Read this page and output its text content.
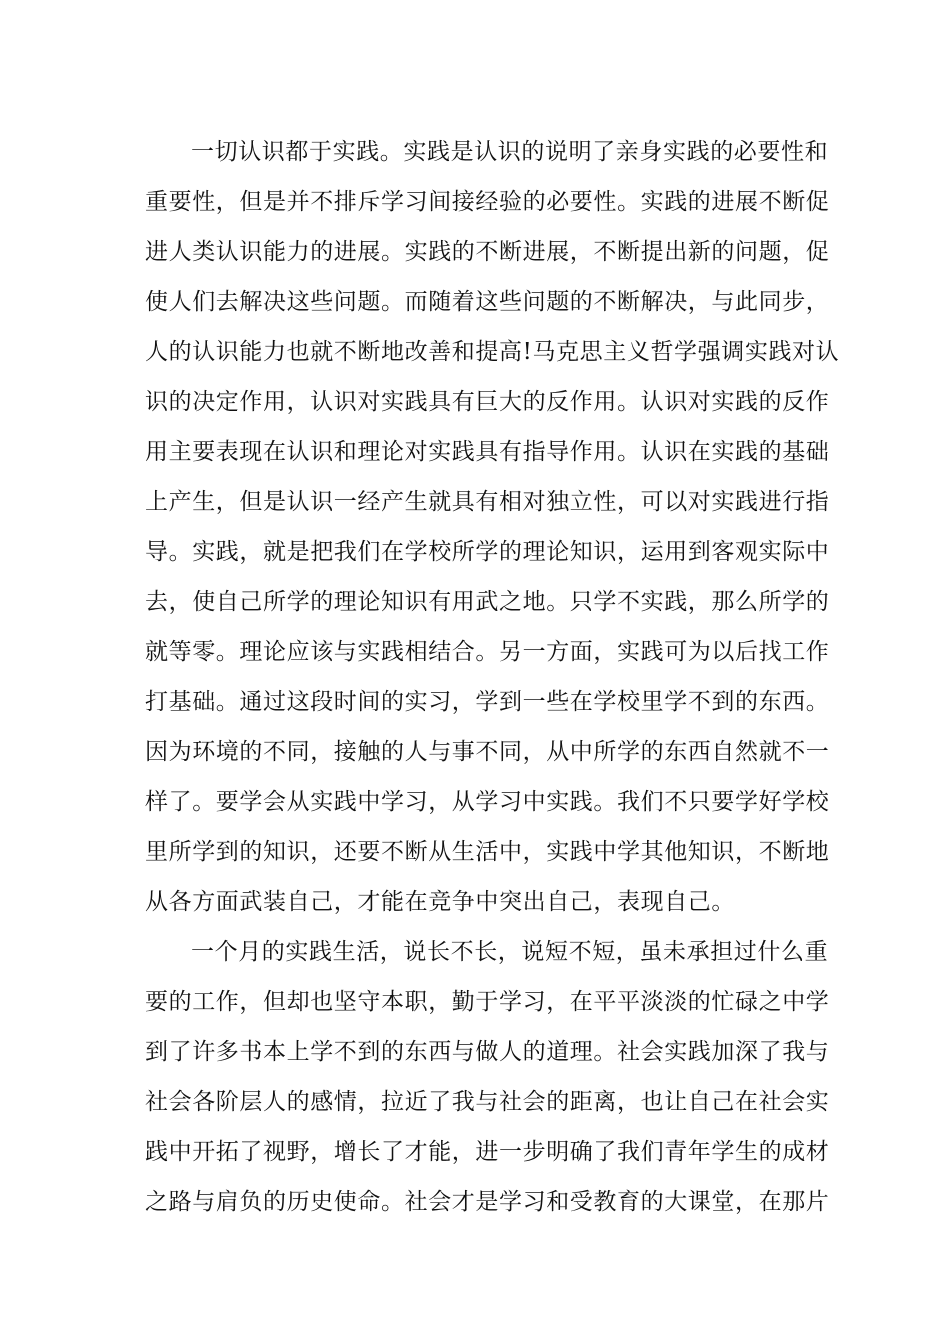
一切认识都于实践。实践是认识的说明了亲身实践的必要性和
重要性，但是并不排斥学习间接经验的必要性。实践的进展不断促
进人类认识能力的进展。实践的不断进展，不断提出新的问题，促
使人们去解决这些问题。而随着这些问题的不断解决，与此同步，
人的认识能力也就不断地改善和提高!马克思主义哲学强调实践对认
识的决定作用，认识对实践具有巨大的反作用。认识对实践的反作
用主要表现在认识和理论对实践具有指导作用。认识在实践的基础
上产生，但是认识一经产生就具有相对独立性，可以对实践进行指
导。实践，就是把我们在学校所学的理论知识，运用到客观实际中
去，使自己所学的理论知识有用武之地。只学不实践，那么所学的
就等零。理论应该与实践相结合。另一方面，实践可为以后找工作
打基础。通过这段时间的实习，学到一些在学校里学不到的东西。
因为环境的不同，接触的人与事不同，从中所学的东西自然就不一
样了。要学会从实践中学习，从学习中实践。我们不只要学好学校
里所学到的知识，还要不断从生活中，实践中学其他知识，不断地
从各方面武装自己，才能在竞争中突出自己，表现自己。
一个月的实践生活，说长不长，说短不短，虽未承担过什么重
要的工作，但却也坚守本职，勤于学习，在平平淡淡的忙碌之中学
到了许多书本上学不到的东西与做人的道理。社会实践加深了我与
社会各阶层人的感情，拉近了我与社会的距离，也让自己在社会实
践中开拓了视野，增长了才能，进一步明确了我们青年学生的成材
之路与肩负的历史使命。社会才是学习和受教育的大课堂，在那片
